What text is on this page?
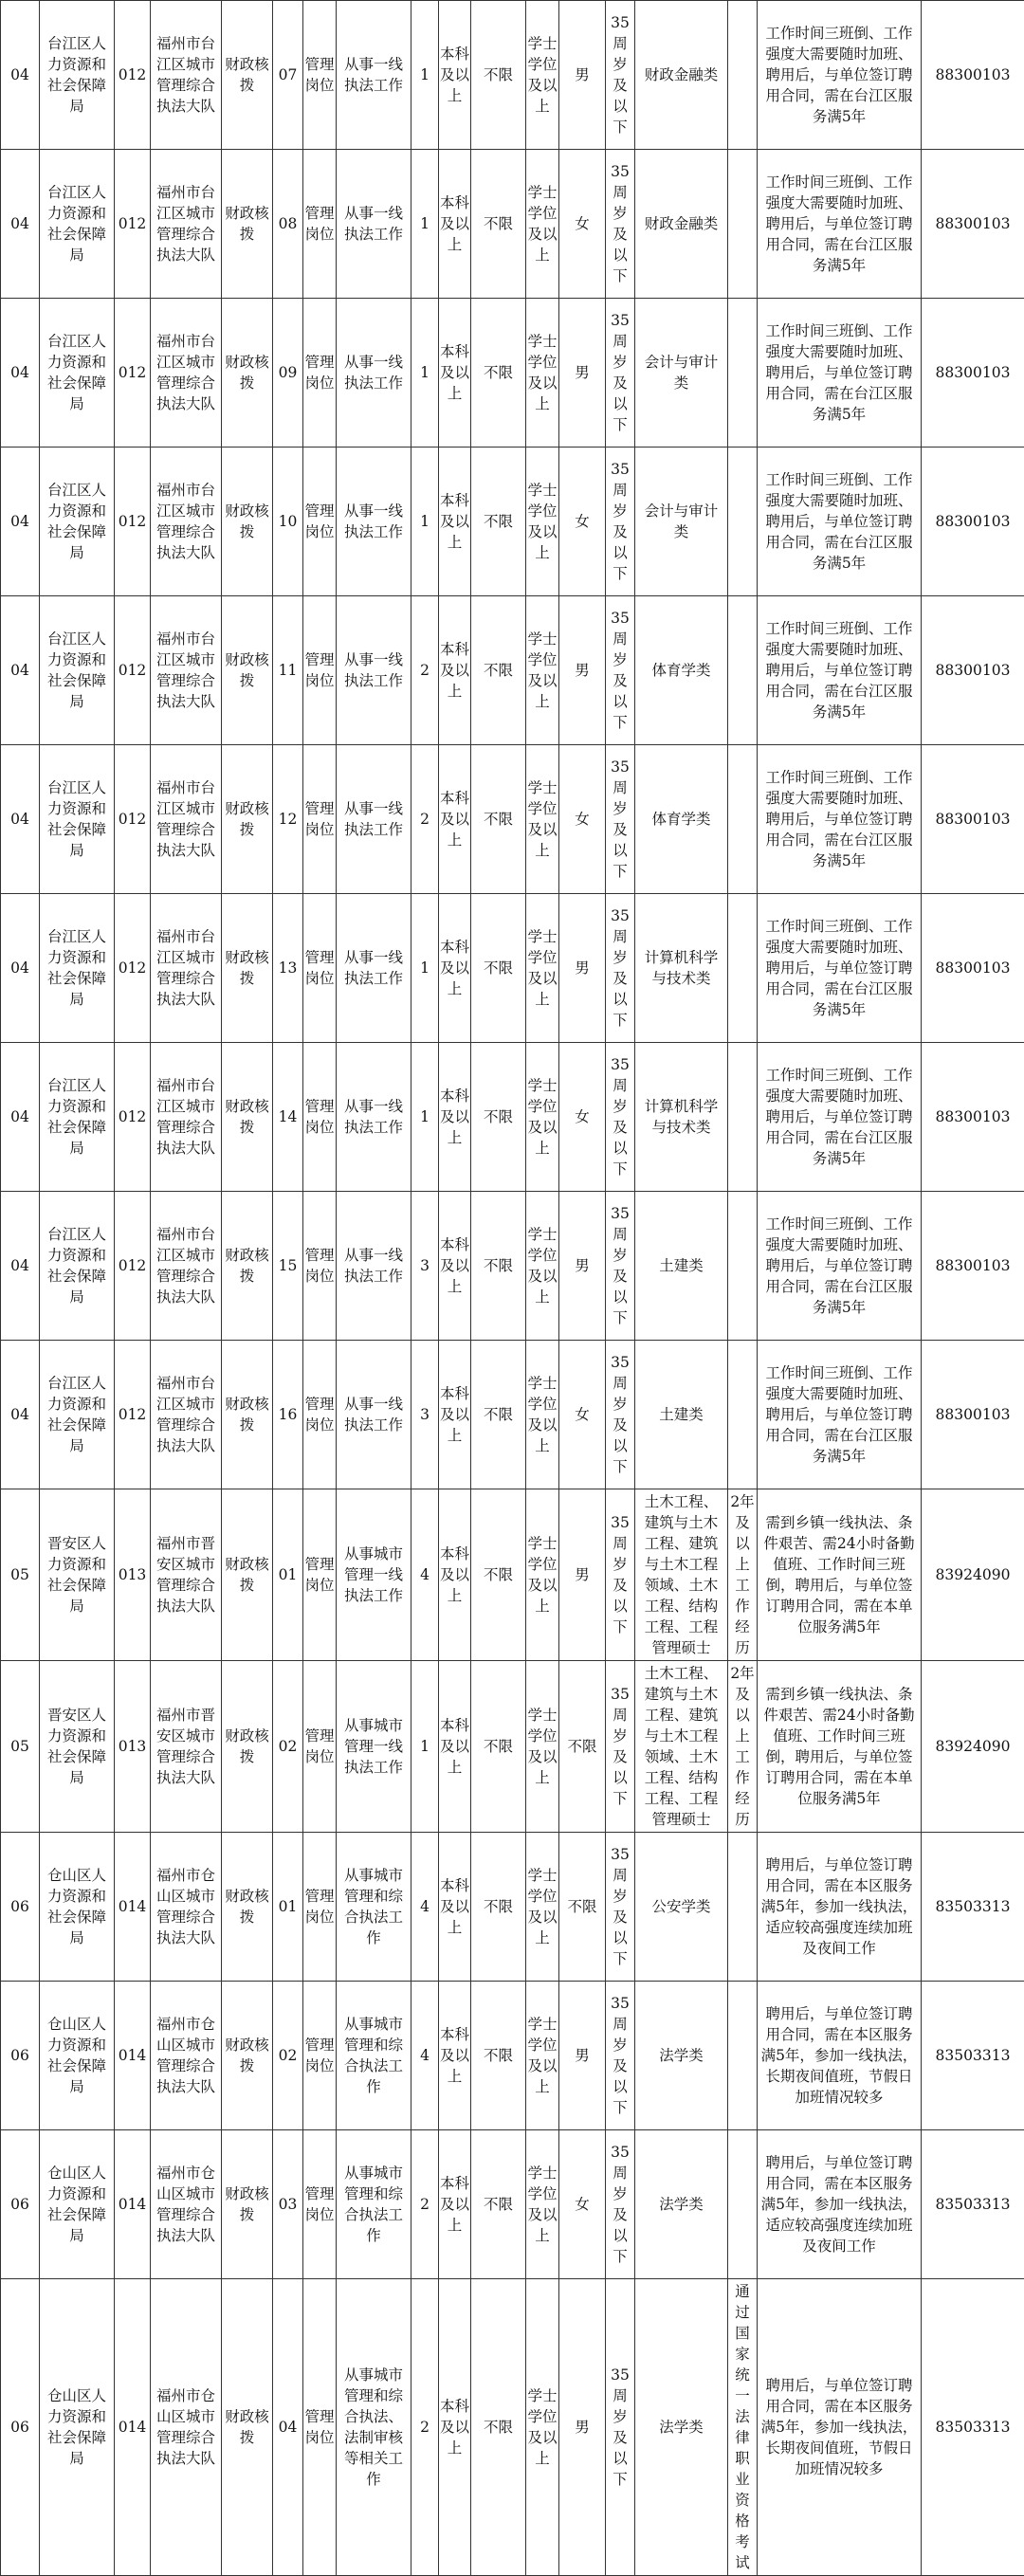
04	台江区人力资源和社会保障局	012	福州市台江区城市管理综合执法大队	财政核拨	07	管理岗位	从事一线执法工作	1	本科及以上	不限	学士学位及以上	男	35周岁及以下	财政金融类		工作时间三班倒、工作强度大需要随时加班、聘用后，与单位签订聘用合同，需在台江区服务满5年	88300103
04	台江区人力资源和社会保障局	012	福州市台江区城市管理综合执法大队	财政核拨	08	管理岗位	从事一线执法工作	1	本科及以上	不限	学士学位及以上	女	35周岁及以下	财政金融类		工作时间三班倒、工作强度大需要随时加班、聘用后，与单位签订聘用合同，需在台江区服务满5年	88300103
04	台江区人力资源和社会保障局	012	福州市台江区城市管理综合执法大队	财政核拨	09	管理岗位	从事一线执法工作	1	本科及以上	不限	学士学位及以上	男	35周岁及以下	会计与审计类		工作时间三班倒、工作强度大需要随时加班、聘用后，与单位签订聘用合同，需在台江区服务满5年	88300103
04	台江区人力资源和社会保障局	012	福州市台江区城市管理综合执法大队	财政核拨	10	管理岗位	从事一线执法工作	1	本科及以上	不限	学士学位及以上	女	35周岁及以下	会计与审计类		工作时间三班倒、工作强度大需要随时加班、聘用后，与单位签订聘用合同，需在台江区服务满5年	88300103
04	台江区人力资源和社会保障局	012	福州市台江区城市管理综合执法大队	财政核拨	11	管理岗位	从事一线执法工作	2	本科及以上	不限	学士学位及以上	男	35周岁及以下	体育学类		工作时间三班倒、工作强度大需要随时加班、聘用后，与单位签订聘用合同，需在台江区服务满5年	88300103
04	台江区人力资源和社会保障局	012	福州市台江区城市管理综合执法大队	财政核拨	12	管理岗位	从事一线执法工作	2	本科及以上	不限	学士学位及以上	女	35周岁及以下	体育学类		工作时间三班倒、工作强度大需要随时加班、聘用后，与单位签订聘用合同，需在台江区服务满5年	88300103
04	台江区人力资源和社会保障局	012	福州市台江区城市管理综合执法大队	财政核拨	13	管理岗位	从事一线执法工作	1	本科及以上	不限	学士学位及以上	男	35周岁及以下	计算机科学与技术类		工作时间三班倒、工作强度大需要随时加班、聘用后，与单位签订聘用合同，需在台江区服务满5年	88300103
04	台江区人力资源和社会保障局	012	福州市台江区城市管理综合执法大队	财政核拨	14	管理岗位	从事一线执法工作	1	本科及以上	不限	学士学位及以上	女	35周岁及以下	计算机科学与技术类		工作时间三班倒、工作强度大需要随时加班、聘用后，与单位签订聘用合同，需在台江区服务满5年	88300103
04	台江区人力资源和社会保障局	012	福州市台江区城市管理综合执法大队	财政核拨	15	管理岗位	从事一线执法工作	3	本科及以上	不限	学士学位及以上	男	35周岁及以下	土建类		工作时间三班倒、工作强度大需要随时加班、聘用后，与单位签订聘用合同，需在台江区服务满5年	88300103
04	台江区人力资源和社会保障局	012	福州市台江区城市管理综合执法大队	财政核拨	16	管理岗位	从事一线执法工作	3	本科及以上	不限	学士学位及以上	女	35周岁及以下	土建类		工作时间三班倒、工作强度大需要随时加班、聘用后，与单位签订聘用合同，需在台江区服务满5年	88300103
05	晋安区人力资源和社会保障局	013	福州市晋安区城市管理综合执法大队	财政核拨	01	管理岗位	从事城市管理一线执法工作	4	本科及以上	不限	学士学位及以上	男	35周岁及以下	土木工程、建筑与土木工程、建筑与土木工程领域、土木工程、结构工程、工程管理硕士	2年及以上工作经历	需到乡镇一线执法、条件艰苦、需24小时备勤值班、工作时间三班倒，聘用后，与单位签订聘用合同，需在本单位服务满5年	83924090
05	晋安区人力资源和社会保障局	013	福州市晋安区城市管理综合执法大队	财政核拨	02	管理岗位	从事城市管理一线执法工作	1	本科及以上	不限	学士学位及以上	不限	35周岁及以下	土木工程、建筑与土木工程、建筑与土木工程领域、土木工程、结构工程、工程管理硕士	2年及以上工作经历	需到乡镇一线执法、条件艰苦、需24小时备勤值班、工作时间三班倒，聘用后，与单位签订聘用合同，需在本单位服务满5年	83924090
06	仓山区人力资源和社会保障局	014	福州市仓山区城市管理综合执法大队	财政核拨	01	管理岗位	从事城市管理和综合执法工作	4	本科及以上	不限	学士学位及以上	不限	35周岁及以下	公安学类		聘用后，与单位签订聘用合同，需在本区服务满5年，参加一线执法，适应较高强度连续加班及夜间工作	83503313
06	仓山区人力资源和社会保障局	014	福州市仓山区城市管理综合执法大队	财政核拨	02	管理岗位	从事城市管理和综合执法工作	4	本科及以上	不限	学士学位及以上	男	35周岁及以下	法学类		聘用后，与单位签订聘用合同，需在本区服务满5年，参加一线执法，长期夜间值班，节假日加班情况较多	83503313
06	仓山区人力资源和社会保障局	014	福州市仓山区城市管理综合执法大队	财政核拨	03	管理岗位	从事城市管理和综合执法工作	2	本科及以上	不限	学士学位及以上	女	35周岁及以下	法学类		聘用后，与单位签订聘用合同，需在本区服务满5年，参加一线执法，适应较高强度连续加班及夜间工作	83503313
06	仓山区人力资源和社会保障局	014	福州市仓山区城市管理综合执法大队	财政核拨	04	管理岗位	从事城市管理和综合执法、法制审核等相关工作	2	本科及以上	不限	学士学位及以上	男	35周岁及以下	法学类	通过国家统一法律职业资格考试	聘用后，与单位签订聘用合同，需在本区服务满5年，参加一线执法，长期夜间值班，节假日加班情况较多	83503313
